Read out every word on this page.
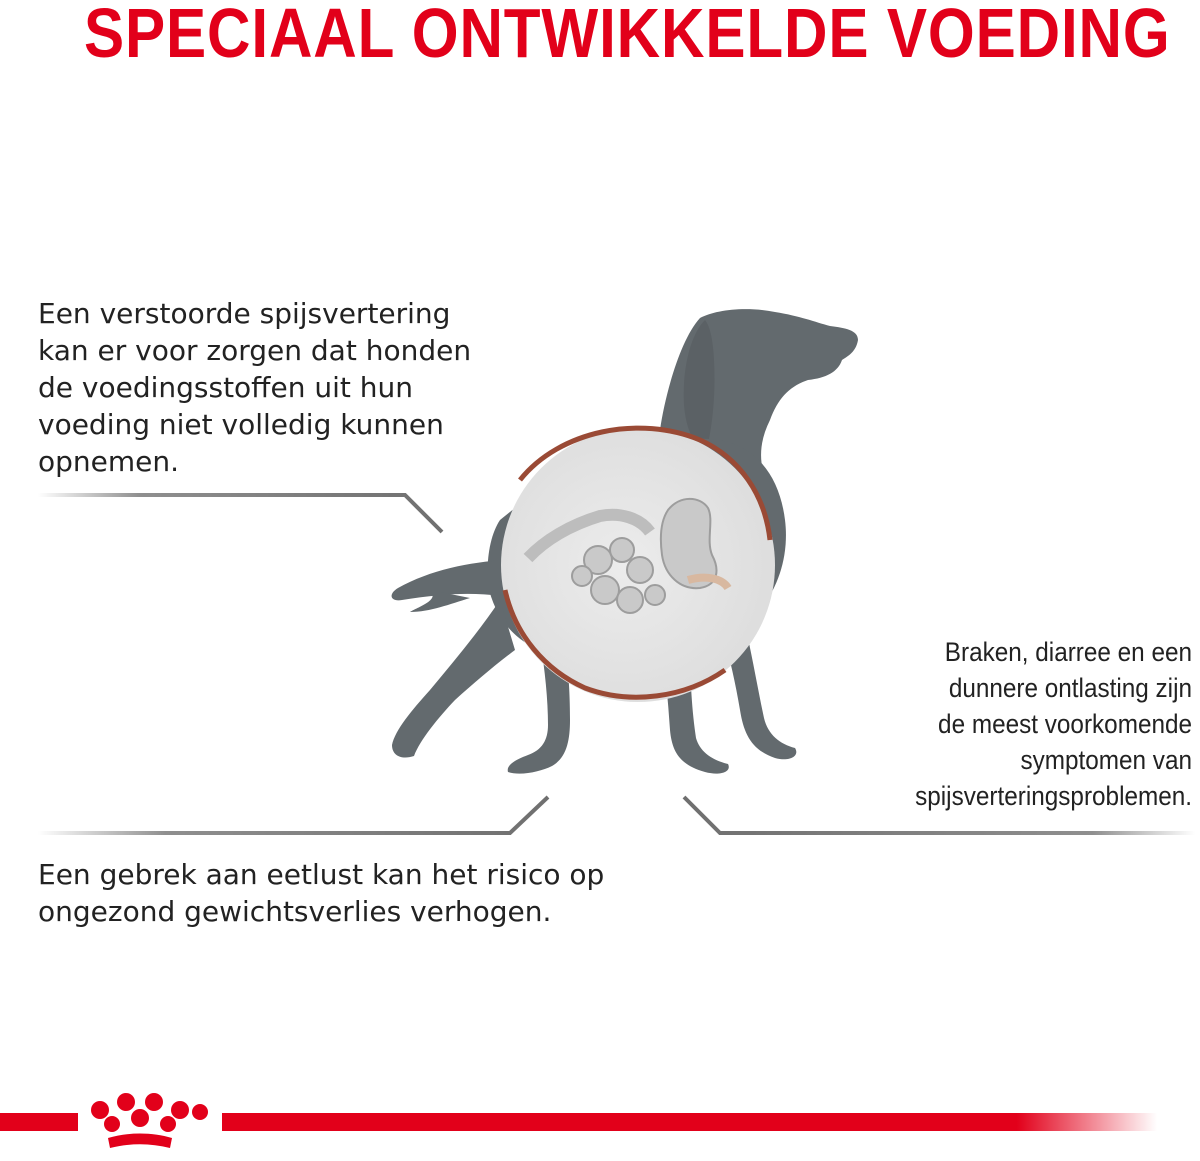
SPECIAAL ONTWIKKELDE VOEDING
Een verstoorde spijsvertering kan er voor zorgen dat honden de voedingsstoffen uit hun voeding niet volledig kunnen opnemen.
Een gebrek aan eetlust kan het risico op ongezond gewichtsverlies verhogen.
Braken, diarree en een
dunnere ontlasting zijn
de meest voorkomende
symptomen van
spijsverteringsproblemen.
